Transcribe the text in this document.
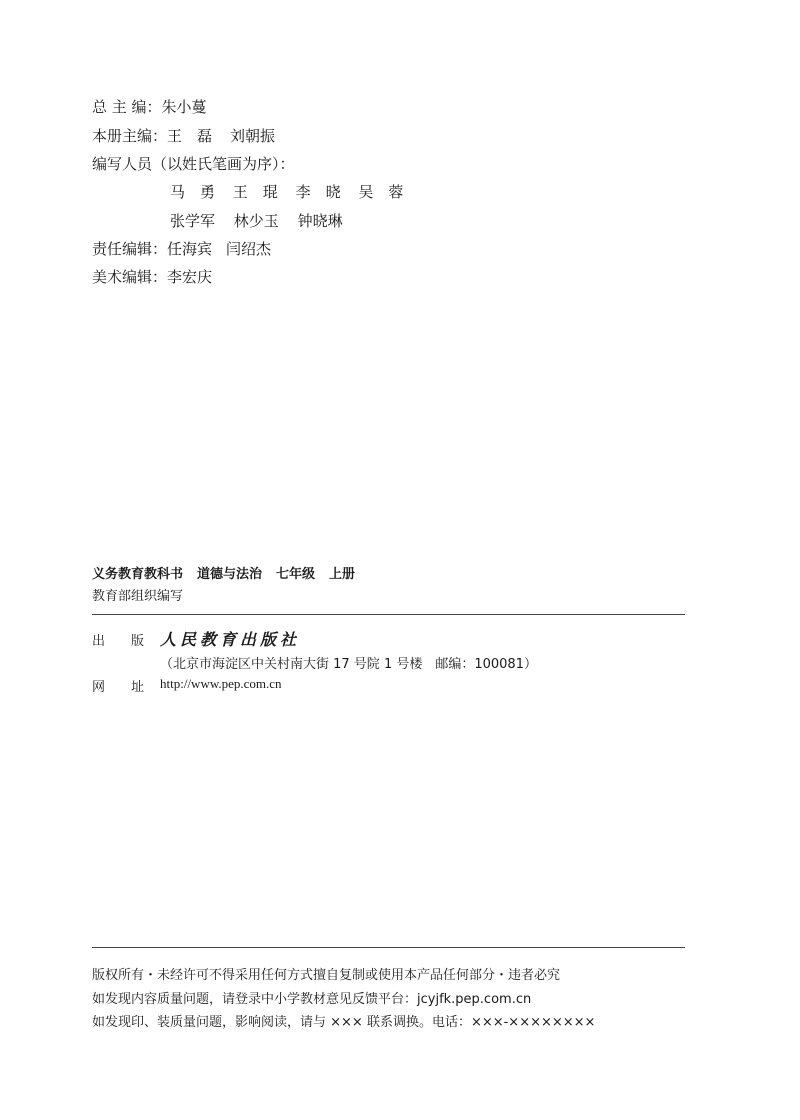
总 主 编：朱小蔓
本册主编：王　磊 刘朝振
编写人员（以姓氏笔画为序）：
马　勇 王　琨 李　晓 吴　蓉
张学军 林少玉 钟晓琳
责任编辑：任海宾 闫绍杰
美术编辑：李宏庆
义务教育教科书 道德与法治 七年级 上册
教育部组织编写
出　　版 人民教育出版社
（北京市海淀区中关村南大街 17 号院 1 号楼　邮编：100081）
网　　址 http://www.pep.com.cn
版权所有・未经许可不得采用任何方式擅自复制或使用本产品任何部分・违者必究
如发现内容质量问题，请登录中小学教材意见反馈平台：jcyjfk.pep.com.cn
如发现印、装质量问题，影响阅读，请与 ××× 联系调换。电话：×××-××××××××
